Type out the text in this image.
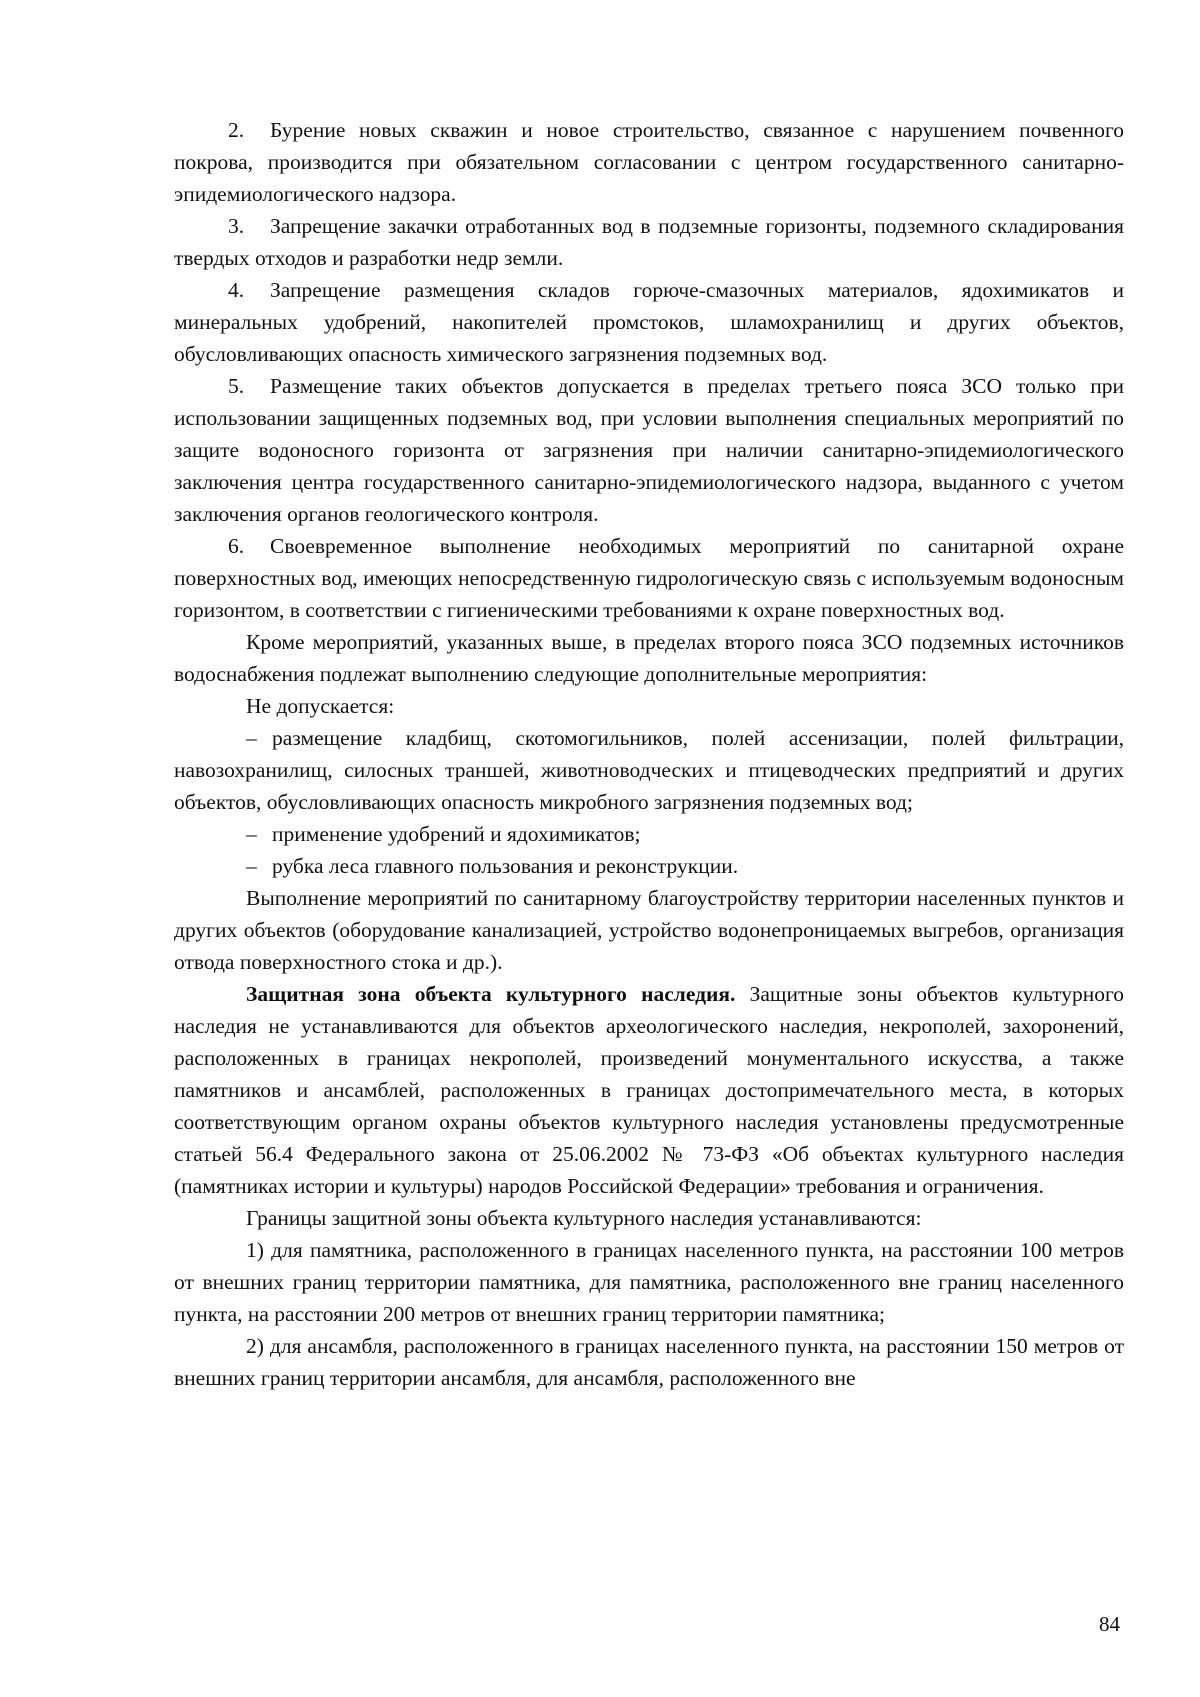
2. Бурение новых скважин и новое строительство, связанное с нарушением почвенного покрова, производится при обязательном согласовании с центром государственного санитарно-эпидемиологического надзора.

3. Запрещение закачки отработанных вод в подземные горизонты, подземного складирования твердых отходов и разработки недр земли.

4. Запрещение размещения складов горюче-смазочных материалов, ядохимикатов и минеральных удобрений, накопителей промстоков, шламохранилищ и других объектов, обусловливающих опасность химического загрязнения подземных вод.

5. Размещение таких объектов допускается в пределах третьего пояса ЗСО только при использовании защищенных подземных вод, при условии выполнения специальных мероприятий по защите водоносного горизонта от загрязнения при наличии санитарно-эпидемиологического заключения центра государственного санитарно-эпидемиологического надзора, выданного с учетом заключения органов геологического контроля.

6. Своевременное выполнение необходимых мероприятий по санитарной охране поверхностных вод, имеющих непосредственную гидрологическую связь с используемым водоносным горизонтом, в соответствии с гигиеническими требованиями к охране поверхностных вод.

Кроме мероприятий, указанных выше, в пределах второго пояса ЗСО подземных источников водоснабжения подлежат выполнению следующие дополнительные мероприятия:

Не допускается:

– размещение кладбищ, скотомогильников, полей ассенизации, полей фильтрации, навозохранилищ, силосных траншей, животноводческих и птицеводческих предприятий и других объектов, обусловливающих опасность микробного загрязнения подземных вод;

– применение удобрений и ядохимикатов;

– рубка леса главного пользования и реконструкции.

Выполнение мероприятий по санитарному благоустройству территории населенных пунктов и других объектов (оборудование канализацией, устройство водонепроницаемых выгребов, организация отвода поверхностного стока и др.).

Защитная зона объекта культурного наследия. Защитные зоны объектов культурного наследия не устанавливаются для объектов археологического наследия, некрополей, захоронений, расположенных в границах некрополей, произведений монументального искусства, а также памятников и ансамблей, расположенных в границах достопримечательного места, в которых соответствующим органом охраны объектов культурного наследия установлены предусмотренные статьей 56.4 Федерального закона от 25.06.2002 № 73-ФЗ «Об объектах культурного наследия (памятниках истории и культуры) народов Российской Федерации» требования и ограничения.

Границы защитной зоны объекта культурного наследия устанавливаются:

1) для памятника, расположенного в границах населенного пункта, на расстоянии 100 метров от внешних границ территории памятника, для памятника, расположенного вне границ населенного пункта, на расстоянии 200 метров от внешних границ территории памятника;

2) для ансамбля, расположенного в границах населенного пункта, на расстоянии 150 метров от внешних границ территории ансамбля, для ансамбля, расположенного вне

84
